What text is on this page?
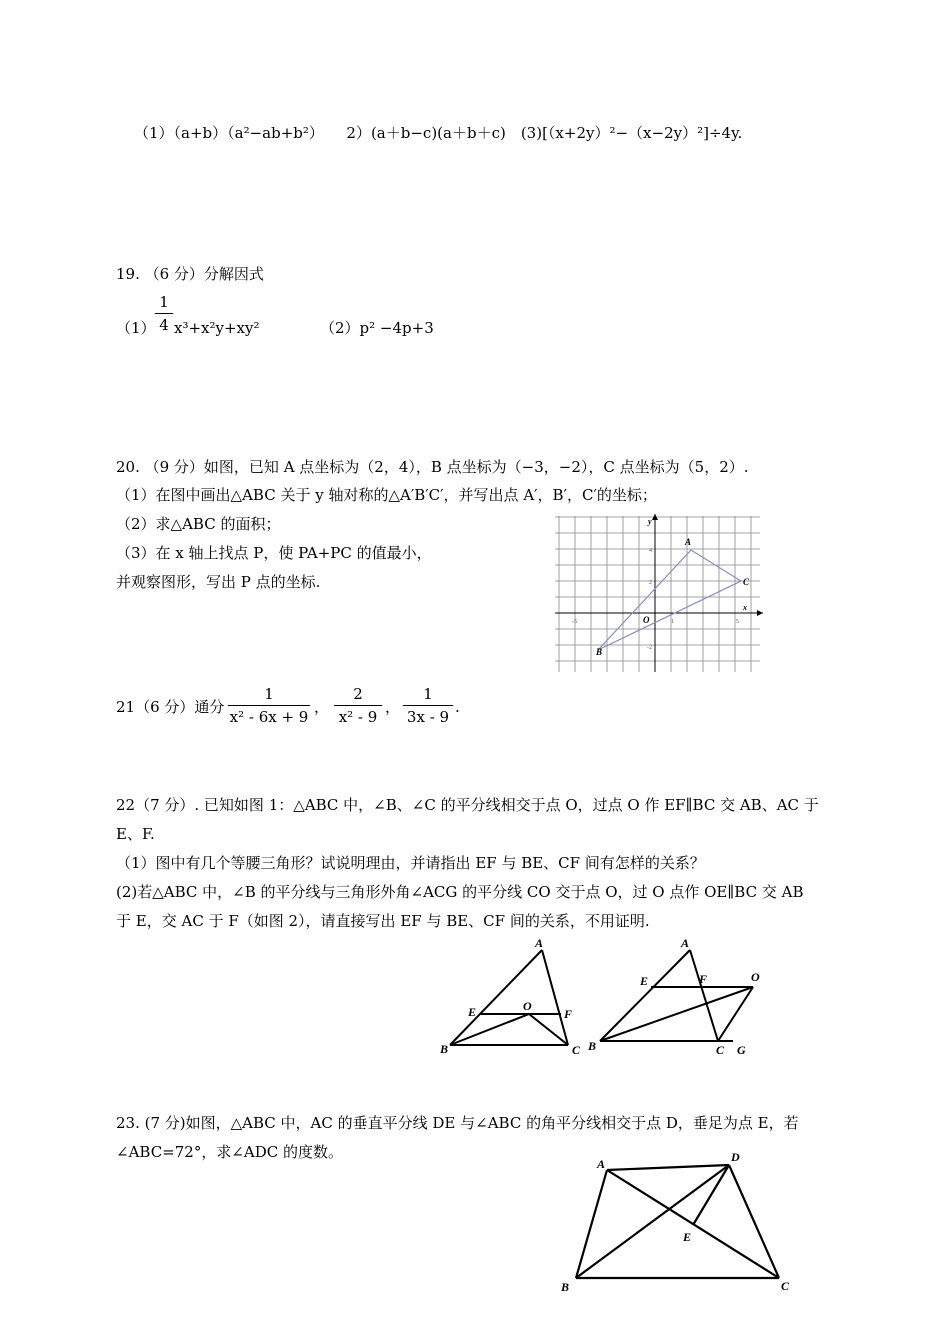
（1）（a+b）（a²−ab+b²）　　2）(a＋b−c)(a＋b＋c)　(3)[（x+2y）²−（x−2y）²]÷4y.
19. （6 分）分解因式
（1）
1
4 x³+x²y+xy²	（2）p² −4p+3
20. （9 分）如图，已知 A 点坐标为（2，4），B 点坐标为（−3，−2），C 点坐标为（5，2）.
（1）在图中画出△ABC 关于 y 轴对称的△A′B′C′，并写出点 A′，B′，C′的坐标；
（2）求△ABC 的面积；
（3）在 x 轴上找点 P，使 PA+PC 的值最小，
并观察图形，写出 P 点的坐标.
A
C
B
O
x
y
1	5
-5
2
4
-2
21（6 分）通分
1
x² - 6x + 9
，
2
x² - 9
，
1
3x - 9
.
22（7 分）. 已知如图 1：△ABC 中，∠B、∠C 的平分线相交于点 O，过点 O 作 EF∥BC 交 AB、AC 于
E、F.
（1）图中有几个等腰三角形？试说明理由，并请指出 EF 与 BE、CF 间有怎样的关系？
(2)若△ABC 中，∠B 的平分线与三角形外角∠ACG 的平分线 CO 交于点 O，过 O 点作 OE∥BC 交 AB
于 E，交 AC 于 F（如图 2），请直接写出 EF 与 BE、CF 间的关系，不用证明.
A
B	C
E	F
O
A
B	C G
E	F	O
23. (7 分)如图，△ABC 中，AC 的垂直平分线 DE 与∠ABC 的角平分线相交于点 D，垂足为点 E，若
∠ABC=72°，求∠ADC 的度数。
A	D
B	C
E
